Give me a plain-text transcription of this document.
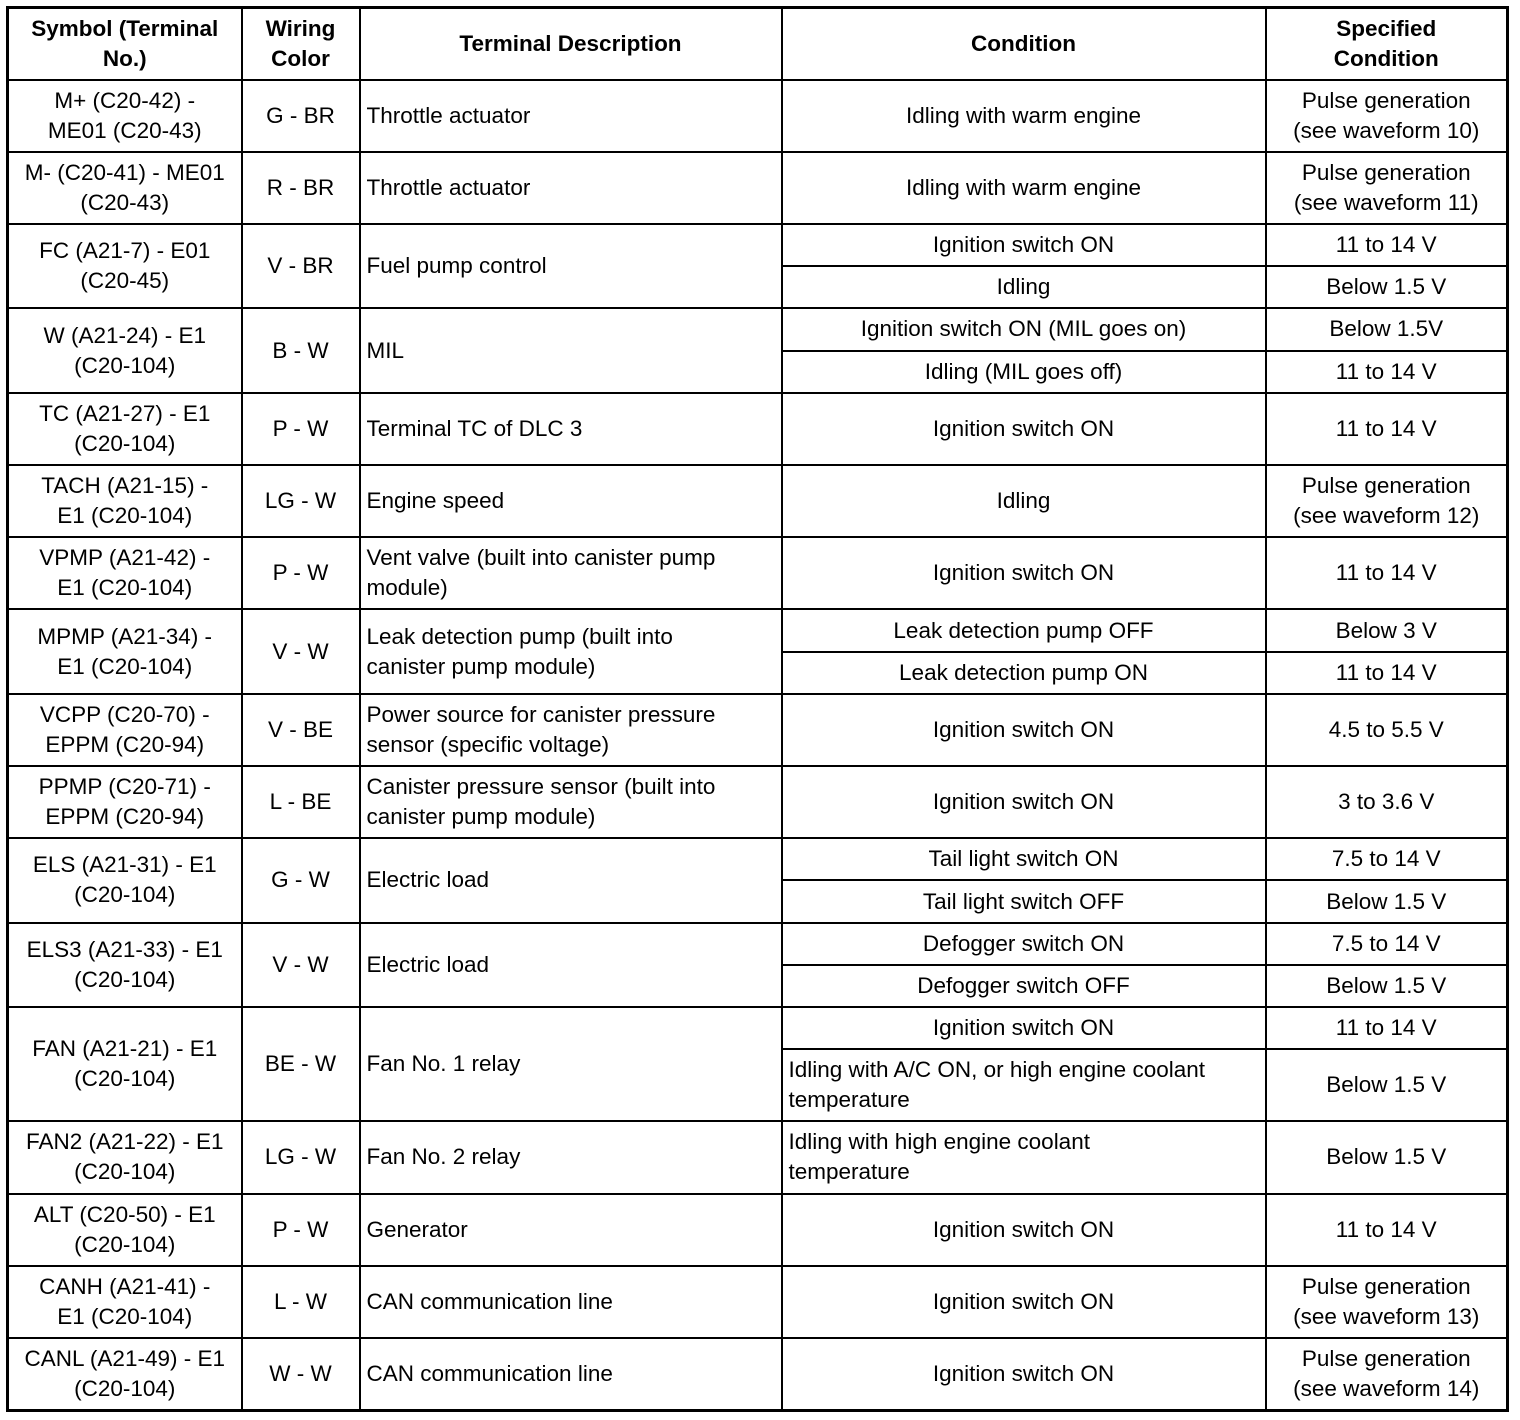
Symbol (Terminal
No.)	Wiring
Color	Terminal Description	Condition	Specified
Condition
M+ (C20-42) -
ME01 (C20-43)	G - BR	Throttle actuator	Idling with warm engine	Pulse generation
(see waveform 10)
M- (C20-41) - ME01
(C20-43)	R - BR	Throttle actuator	Idling with warm engine	Pulse generation
(see waveform 11)
FC (A21-7) - E01
(C20-45)	V - BR	Fuel pump control	Ignition switch ON	11 to 14 V
			Idling	Below 1.5 V
W (A21-24) - E1
(C20-104)	B - W	MIL	Ignition switch ON (MIL goes on)	Below 1.5V
			Idling (MIL goes off)	11 to 14 V
TC (A21-27) - E1
(C20-104)	P - W	Terminal TC of DLC 3	Ignition switch ON	11 to 14 V
TACH (A21-15) -
E1 (C20-104)	LG - W	Engine speed	Idling	Pulse generation
(see waveform 12)
VPMP (A21-42) -
E1 (C20-104)	P - W	Vent valve (built into canister pump
module)	Ignition switch ON	11 to 14 V
MPMP (A21-34) -
E1 (C20-104)	V - W	Leak detection pump (built into
canister pump module)	Leak detection pump OFF	Below 3 V
			Leak detection pump ON	11 to 14 V
VCPP (C20-70) -
EPPM (C20-94)	V - BE	Power source for canister pressure
sensor (specific voltage)	Ignition switch ON	4.5 to 5.5 V
PPMP (C20-71) -
EPPM (C20-94)	L - BE	Canister pressure sensor (built into
canister pump module)	Ignition switch ON	3 to 3.6 V
ELS (A21-31) - E1
(C20-104)	G - W	Electric load	Tail light switch ON	7.5 to 14 V
			Tail light switch OFF	Below 1.5 V
ELS3 (A21-33) - E1
(C20-104)	V - W	Electric load	Defogger switch ON	7.5 to 14 V
			Defogger switch OFF	Below 1.5 V
FAN (A21-21) - E1
(C20-104)	BE - W	Fan No. 1 relay	Ignition switch ON	11 to 14 V
			Idling with A/C ON, or high engine coolant
temperature	Below 1.5 V
FAN2 (A21-22) - E1
(C20-104)	LG - W	Fan No. 2 relay	Idling with high engine coolant
temperature	Below 1.5 V
ALT (C20-50) - E1
(C20-104)	P - W	Generator	Ignition switch ON	11 to 14 V
CANH (A21-41) -
E1 (C20-104)	L - W	CAN communication line	Ignition switch ON	Pulse generation
(see waveform 13)
CANL (A21-49) - E1
(C20-104)	W - W	CAN communication line	Ignition switch ON	Pulse generation
(see waveform 14)
